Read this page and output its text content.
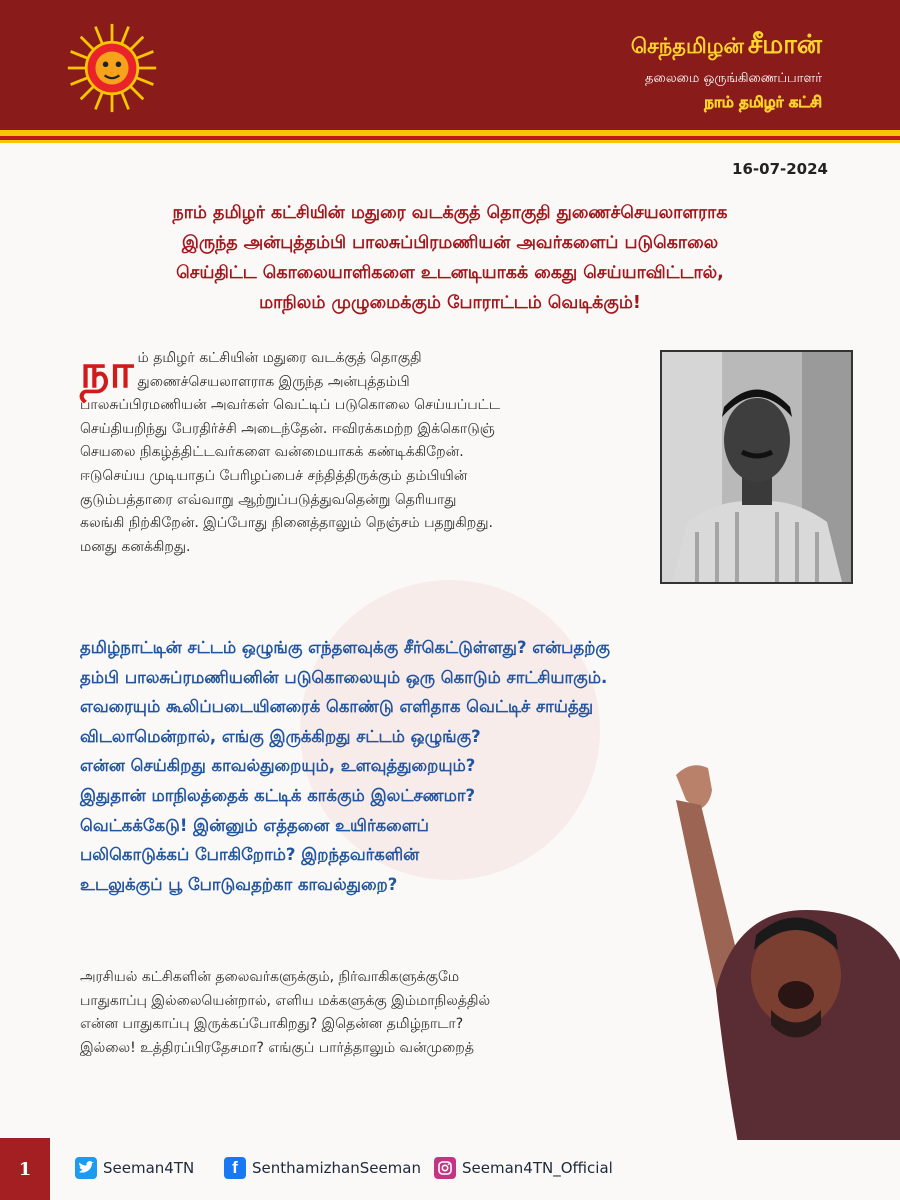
செந்தமிழன் சீமான்
தலைமை ஒருங்கிணைப்பாளர்
நாம் தமிழர் கட்சி
16-07-2024
நாம் தமிழர் கட்சியின் மதுரை வடக்குத் தொகுதி துணைச்செயலாளராக
இருந்த அன்புத்தம்பி பாலசுப்பிரமணியன் அவர்களைப் படுகொலை
செய்திட்ட கொலையாளிகளை உடனடியாகக் கைது செய்யாவிட்டால்,
மாநிலம் முழுமைக்கும் போராட்டம் வெடிக்கும்!
நா ம் தமிழர் கட்சியின் மதுரை வடக்குத் தொகுதி
துணைச்செயலாளராக இருந்த அன்புத்தம்பி
பாலசுப்பிரமணியன் அவர்கள் வெட்டிப் படுகொலை செய்யப்பட்ட
செய்தியறிந்து பேரதிர்ச்சி அடைந்தேன். ஈவிரக்கமற்ற இக்கொடுஞ்
செயலை நிகழ்த்திட்டவர்களை வன்மையாகக் கண்டிக்கிறேன்.
ஈடுசெய்ய முடியாதப் பேரிழப்பைச் சந்தித்திருக்கும் தம்பியின்
குடும்பத்தாரை எவ்வாறு ஆற்றுப்படுத்துவதென்று தெரியாது
கலங்கி நிற்கிறேன். இப்போது நினைத்தாலும் நெஞ்சம் பதறுகிறது.
மனது கனக்கிறது.
தமிழ்நாட்டின் சட்டம் ஒழுங்கு எந்தளவுக்கு சீர்கெட்டுள்ளது? என்பதற்கு
தம்பி பாலசுப்ரமணியனின் படுகொலையும் ஒரு கொடும் சாட்சியாகும்.
எவரையும் கூலிப்படையினரைக் கொண்டு எளிதாக வெட்டிச் சாய்த்து
விடலாமென்றால், எங்கு இருக்கிறது சட்டம் ஒழுங்கு?
என்ன செய்கிறது காவல்துறையும், உளவுத்துறையும்?
இதுதான் மாநிலத்தைக் கட்டிக் காக்கும் இலட்சணமா?
வெட்கக்கேடு! இன்னும் எத்தனை உயிர்களைப்
பலிகொடுக்கப் போகிறோம்? இறந்தவர்களின்
உடலுக்குப் பூ போடுவதற்கா காவல்துறை?
அரசியல் கட்சிகளின் தலைவர்களுக்கும், நிர்வாகிகளுக்குமே
பாதுகாப்பு இல்லையென்றால், எளிய மக்களுக்கு இம்மாநிலத்தில்
என்ன பாதுகாப்பு இருக்கப்போகிறது? இதென்ன தமிழ்நாடா?
இல்லை! உத்திரப்பிரதேசமா? எங்குப் பார்த்தாலும் வன்முறைத்
1	Seeman4TN	f SenthamizhanSeeman	Seeman4TN_Official
